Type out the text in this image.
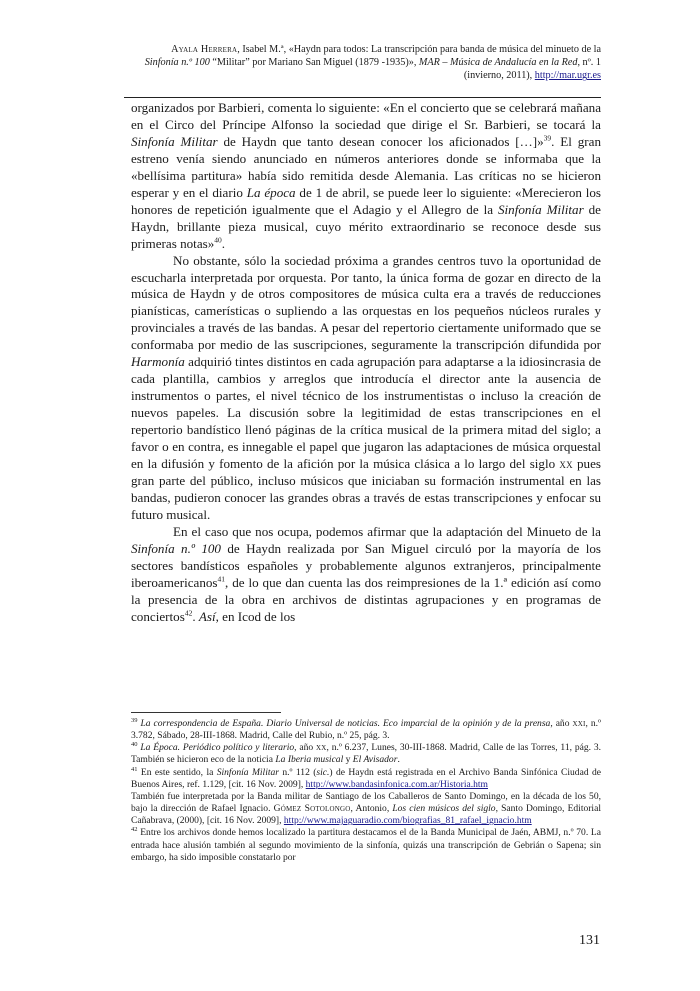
Ayala Herrera, Isabel M.ª, «Haydn para todos: La transcripción para banda de música del minueto de la Sinfonía n.º 100 “Militar” por Mariano San Miguel (1879 -1935)», MAR – Música de Andalucía en la Red, nº. 1 (invierno, 2011), http://mar.ugr.es

organizados por Barbieri, comenta lo siguiente: «En el concierto que se celebrará mañana en el Circo del Príncipe Alfonso la sociedad que dirige el Sr. Barbieri, se tocará la Sinfonía Militar de Haydn que tanto desean conocer los aficionados […]»$^{39}$. El gran estreno venía siendo anunciado en números anteriores donde se informaba que la «bellísima partitura» había sido remitida desde Alemania. Las críticas no se hicieron esperar y en el diario La época de 1 de abril, se puede leer lo siguiente: «Merecieron los honores de repetición igualmente que el Adagio y el Allegro de la Sinfonía Militar de Haydn, brillante pieza musical, cuyo mérito extraordinario se reconoce desde sus primeras notas»$^{40}$.

No obstante, sólo la sociedad próxima a grandes centros tuvo la oportunidad de escucharla interpretada por orquesta. Por tanto, la única forma de gozar en directo de la música de Haydn y de otros compositores de música culta era a través de reducciones pianísticas, camerísticas o supliendo a las orquestas en los pequeños núcleos rurales y provinciales a través de las bandas. A pesar del repertorio ciertamente uniformado que se conformaba por medio de las suscripciones, seguramente la transcripción difundida por Harmonía adquirió tintes distintos en cada agrupación para adaptarse a la idiosincrasia de cada plantilla, cambios y arreglos que introducía el director ante la ausencia de instrumentos o partes, el nivel técnico de los instrumentistas o incluso la creación de nuevos papeles. La discusión sobre la legitimidad de estas transcripciones en el repertorio bandístico llenó páginas de la crítica musical de la primera mitad del siglo; a favor o en contra, es innegable el papel que jugaron las adaptaciones de música orquestal en la difusión y fomento de la afición por la música clásica a lo largo del siglo xx pues gran parte del público, incluso músicos que iniciaban su formación instrumental en las bandas, pudieron conocer las grandes obras a través de estas transcripciones y enfocar su futuro musical.

En el caso que nos ocupa, podemos afirmar que la adaptación del Minueto de la Sinfonía n.º 100 de Haydn realizada por San Miguel circuló por la mayoría de los sectores bandísticos españoles y probablemente algunos extranjeros, principalmente iberoamericanos$^{41}$, de lo que dan cuenta las dos reimpresiones de la 1.ª edición así como la presencia de la obra en archivos de distintas agrupaciones y en programas de conciertos$^{42}$. Así, en Icod de los

$^{39}$ La correspondencia de España. Diario Universal de noticias. Eco imparcial de la opinión y de la prensa, año xxi, n.º 3.782, Sábado, 28-III-1868. Madrid, Calle del Rubio, n.º 25, pág. 3.

$^{40}$ La Época. Periódico político y literario, año xx, n.º 6.237, Lunes, 30-III-1868. Madrid, Calle de las Torres, 11, pág. 3. También se hicieron eco de la noticia La Iberia musical y El Avisador.

$^{41}$ En este sentido, la Sinfonía Militar n.º 112 (sic.) de Haydn está registrada en el Archivo Banda Sinfónica Ciudad de Buenos Aires, ref. 1.129, [cit. 16 Nov. 2009], http://www.bandasinfonica.com.ar/Historia.htm

También fue interpretada por la Banda militar de Santiago de los Caballeros de Santo Domingo, en la década de los 50, bajo la dirección de Rafael Ignacio. Gómez Sotolongo, Antonio, Los cien músicos del siglo, Santo Domingo, Editorial Cañabrava, (2000), [cit. 16 Nov. 2009], http://www.majaguaradio.com/biografias_81_rafael_ignacio.htm

$^{42}$ Entre los archivos donde hemos localizado la partitura destacamos el de la Banda Municipal de Jaén, ABMJ, n.º 70. La entrada hace alusión también al segundo movimiento de la sinfonía, quizás una transcripción de Gebrián o Sapena; sin embargo, ha sido imposible constatarlo por

131
